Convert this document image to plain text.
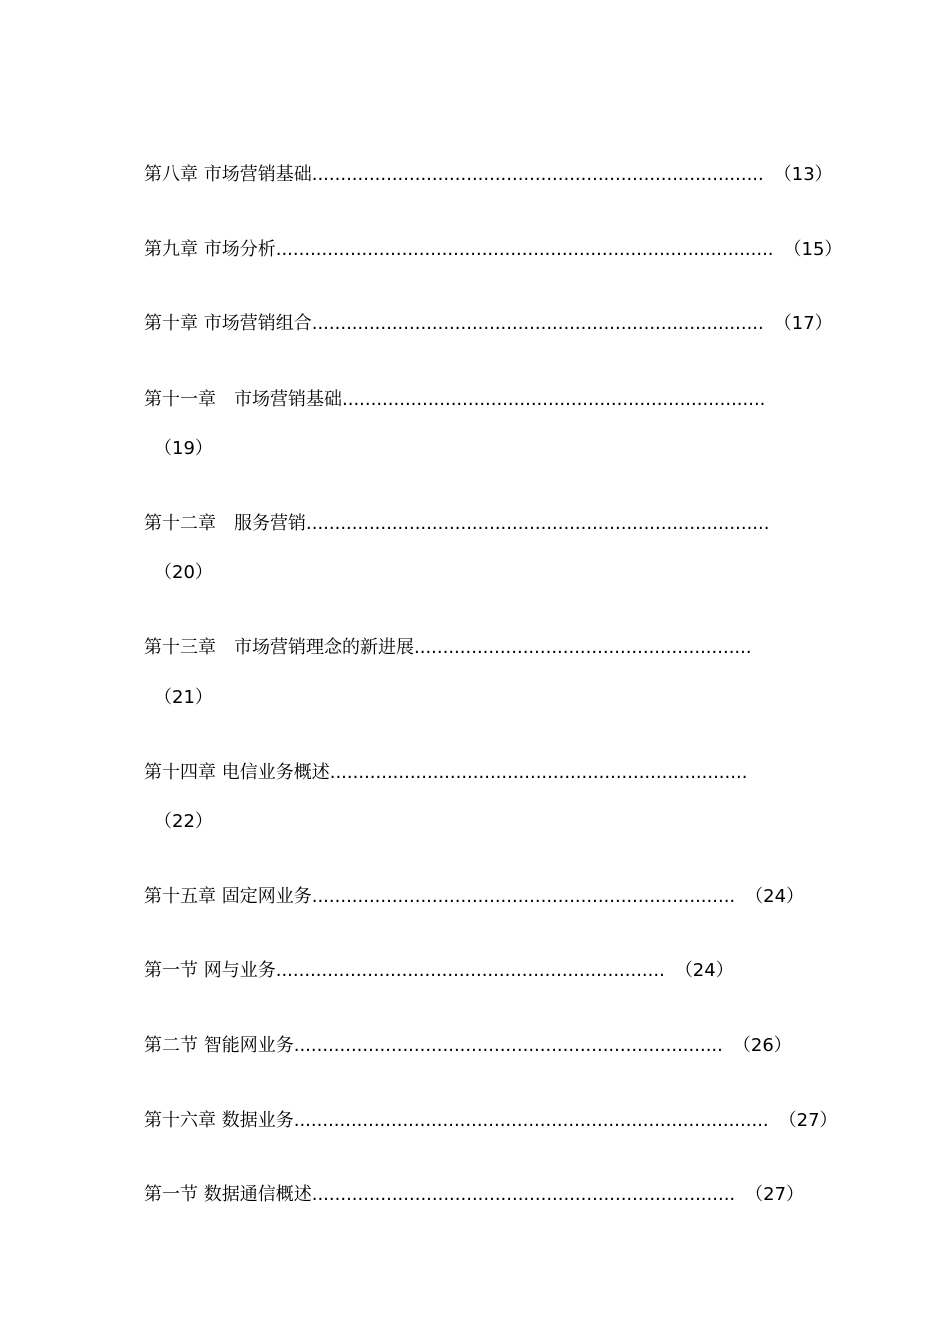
第八章 市场营销基础............................................................................... （13）
第九章 市场分析....................................................................................... （15）
第十章 市场营销组合............................................................................... （17）
第十一章　市场营销基础..........................................................................
（19）
第十二章　服务营销.................................................................................
（20）
第十三章　市场营销理念的新进展...........................................................
（21）
第十四章 电信业务概述.........................................................................
（22）
第十五章 固定网业务.......................................................................... （24）
第一节 网与业务.................................................................... （24）
第二节 智能网业务........................................................................... （26）
第十六章 数据业务................................................................................... （27）
第一节 数据通信概述.......................................................................... （27）
